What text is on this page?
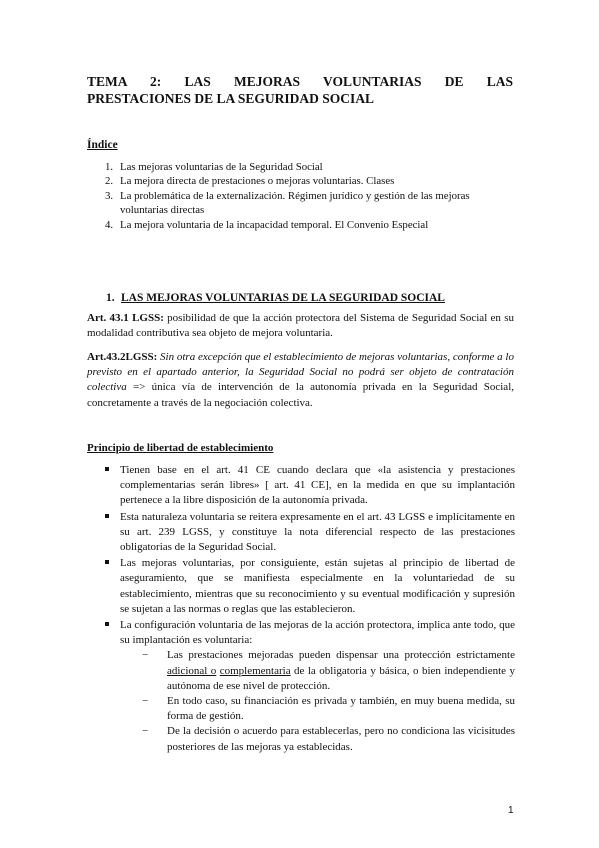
TEMA 2: LAS MEJORAS VOLUNTARIAS DE LAS
PRESTACIONES DE LA SEGURIDAD SOCIAL
Índice
1. Las mejoras voluntarias de la Seguridad Social
2. La mejora directa de prestaciones o mejoras voluntarias. Clases
3. La problemática de la externalización. Régimen jurídico y gestión de las mejoras voluntarias directas
4. La mejora voluntaria de la incapacidad temporal. El Convenio Especial
1. LAS MEJORAS VOLUNTARIAS DE LA SEGURIDAD SOCIAL

Art. 43.1 LGSS: posibilidad de que la acción protectora del Sistema de Seguridad Social en su modalidad contributiva sea objeto de mejora voluntaria.

Art.43.2LGSS: Sin otra excepción que el establecimiento de mejoras voluntarias, conforme a lo previsto en el apartado anterior, la Seguridad Social no podrá ser objeto de contratación colectiva => única vía de intervención de la autonomía privada en la Seguridad Social, concretamente a través de la negociación colectiva.

Principio de libertad de establecimiento
Tienen base en el art. 41 CE cuando declara que «la asistencia y prestaciones complementarias serán libres» [ art. 41 CE], en la medida en que su implantación pertenece a la libre disposición de la autonomía privada.
Esta naturaleza voluntaria se reitera expresamente en el art. 43 LGSS e implícitamente en su art. 239 LGSS, y constituye la nota diferencial respecto de las prestaciones obligatorias de la Seguridad Social.
Las mejoras voluntarias, por consiguiente, están sujetas al principio de libertad de aseguramiento, que se manifiesta especialmente en la voluntariedad de su establecimiento, mientras que su reconocimiento y su eventual modificación y supresión se sujetan a las normas o reglas que las establecieron.
La configuración voluntaria de las mejoras de la acción protectora, implica ante todo, que su implantación es voluntaria:
− Las prestaciones mejoradas pueden dispensar una protección estrictamente adicional o complementaria de la obligatoria y básica, o bien independiente y autónoma de ese nivel de protección.
− En todo caso, su financiación es privada y también, en muy buena medida, su forma de gestión.
− De la decisión o acuerdo para establecerlas, pero no condiciona las vicisitudes posteriores de las mejoras ya establecidas.
1
